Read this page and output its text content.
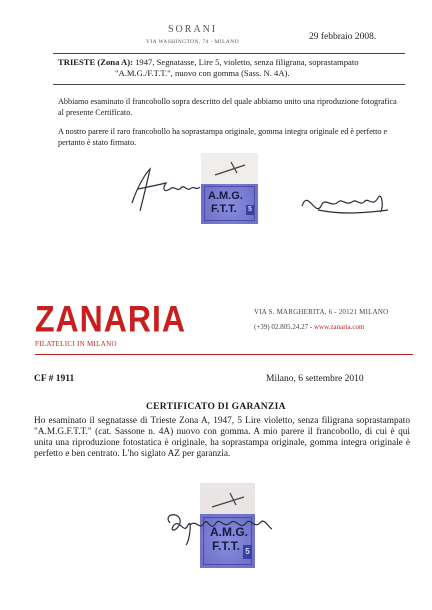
SORANI
VIA WASHINGTON, 74 - MILANO	29 febbraio 2008.
TRIESTE (Zona A): 1947, Segnatasse, Lire 5, violetto, senza filigrana, soprastampato
"A.M.G./F.T.T.", nuovo con gomma (Sass. N. 4A).
Abbiamo esaminato il francobollo sopra descritto del quale abbiamo unito una riproduzione fotografica al presente Certificato.
A nostro parere il raro francobollo ha soprastampa originale, gomma integra originale ed è perfetto e pertanto è stato firmato.
A.M.G.
F.T.T. 5
ZANARIA
FILATELICI IN MILANO
VIA S. MARGHERITA, 6 - 20121 MILANO
(+39) 02.805.24.27 - www.zanaria.com
CF # 1911	Milano, 6 settembre 2010
CERTIFICATO DI GARANZIA
Ho esaminato il segnatasse di Trieste Zona A, 1947, 5 Lire violetto, senza filigrana soprastampato "A.M.G.F.T.T." (cat. Sassone n. 4A) nuovo con gomma. A mio parere il francobollo, di cui è qui unita una riproduzione fotostatica è originale, ha soprastampa originale, gomma integra originale è perfetto e ben centrato. L'ho siglato AZ per garanzia.
A.M.G.
F.T.T. 5
